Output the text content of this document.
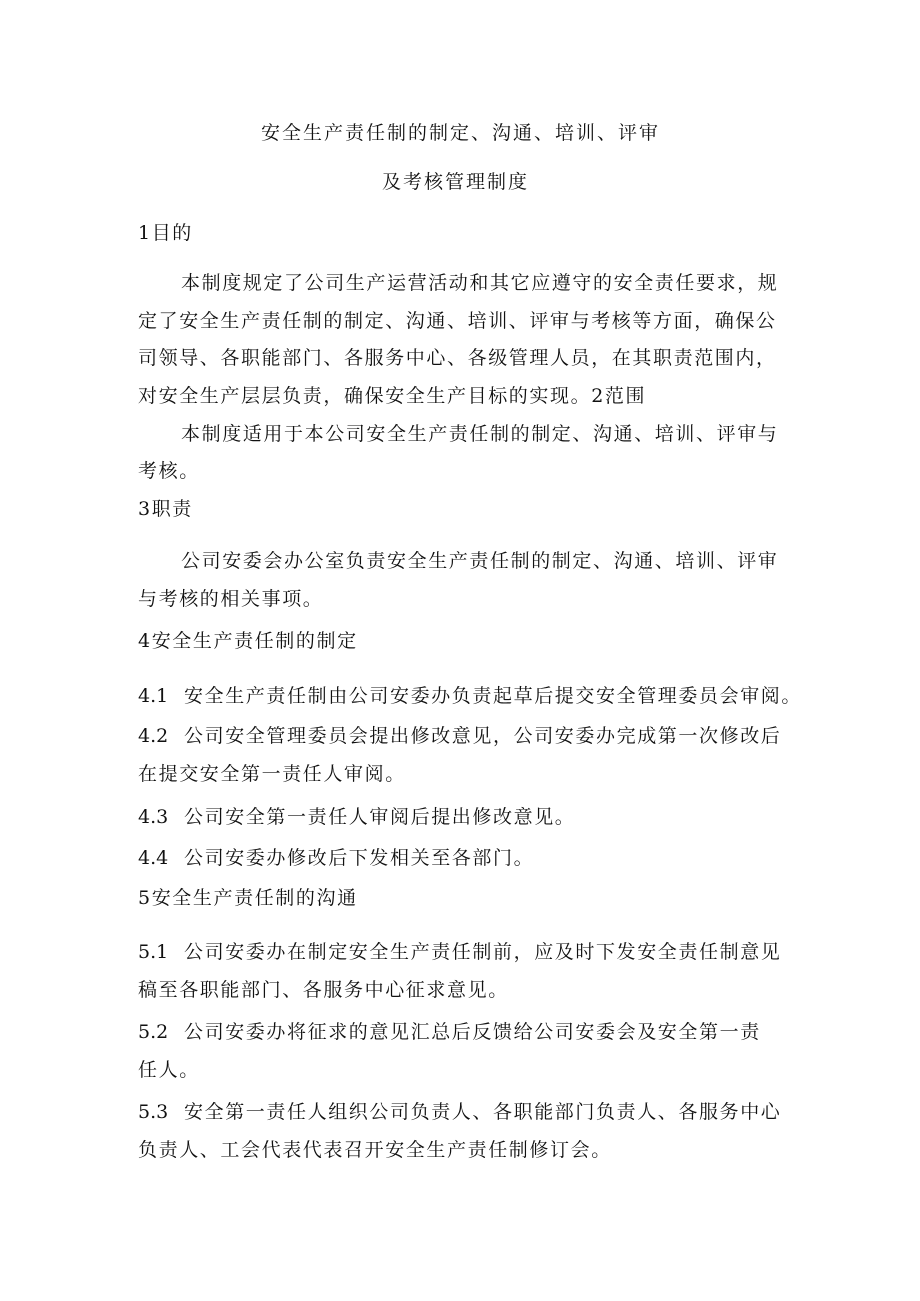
安全生产责任制的制定、沟通、培训、评审
及考核管理制度
1目的
本制度规定了公司生产运营活动和其它应遵守的安全责任要求，规
定了安全生产责任制的制定、沟通、培训、评审与考核等方面，确保公
司领导、各职能部门、各服务中心、各级管理人员，在其职责范围内，
对安全生产层层负责，确保安全生产目标的实现。2范围
本制度适用于本公司安全生产责任制的制定、沟通、培训、评审与
考核。
3职责
公司安委会办公室负责安全生产责任制的制定、沟通、培训、评审
与考核的相关事项。
4安全生产责任制的制定
4.1 安全生产责任制由公司安委办负责起草后提交安全管理委员会审阅。
4.2 公司安全管理委员会提出修改意见，公司安委办完成第一次修改后
在提交安全第一责任人审阅。
4.3 公司安全第一责任人审阅后提出修改意见。
4.4 公司安委办修改后下发相关至各部门。
5安全生产责任制的沟通
5.1 公司安委办在制定安全生产责任制前，应及时下发安全责任制意见
稿至各职能部门、各服务中心征求意见。
5.2 公司安委办将征求的意见汇总后反馈给公司安委会及安全第一责
任人。
5.3 安全第一责任人组织公司负责人、各职能部门负责人、各服务中心
负责人、工会代表代表召开安全生产责任制修订会。
